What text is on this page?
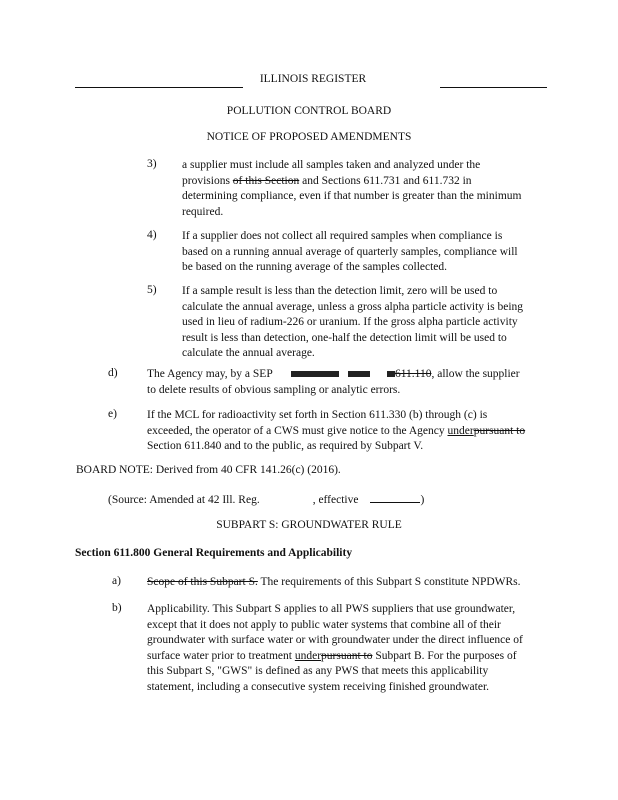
ILLINOIS REGISTER
POLLUTION CONTROL BOARD
NOTICE OF PROPOSED AMENDMENTS
3) a supplier must include all samples taken and analyzed under the
provisions of this Section and Sections 611.731 and 611.732 in
determining compliance, even if that number is greater than the minimum
required.
4) If a supplier does not collect all required samples when compliance is
based on a running annual average of quarterly samples, compliance will
be based on the running average of the samples collected.
5) If a sample result is less than the detection limit, zero will be used to
calculate the annual average, unless a gross alpha particle activity is being
used in lieu of radium-226 or uranium. If the gross alpha particle activity
result is less than detection, one-half the detection limit will be used to
calculate the annual average.
d)	The Agency may, by a SEP	611.110, allow the supplier
to delete results of obvious sampling or analytic errors.
e)	If the MCL for radioactivity set forth in Section 611.330 (b) through (c) is
exceeded, the operator of a CWS must give notice to the Agency underpursuant to
Section 611.840 and to the public, as required by Subpart V.
BOARD NOTE: Derived from 40 CFR 141.26(c) (2016).
(Source: Amended at 42 Ill. Reg.	, effective	)
SUBPART S: GROUNDWATER RULE
Section 611.800 General Requirements and Applicability
a) Scope of this Subpart S. The requirements of this Subpart S constitute NPDWRs.
b) Applicability. This Subpart S applies to all PWS suppliers that use groundwater,
except that it does not apply to public water systems that combine all of their
groundwater with surface water or with groundwater under the direct influence of
surface water prior to treatment underpursuant to Subpart B. For the purposes of
this Subpart S, "GWS" is defined as any PWS that meets this applicability
statement, including a consecutive system receiving finished groundwater.
